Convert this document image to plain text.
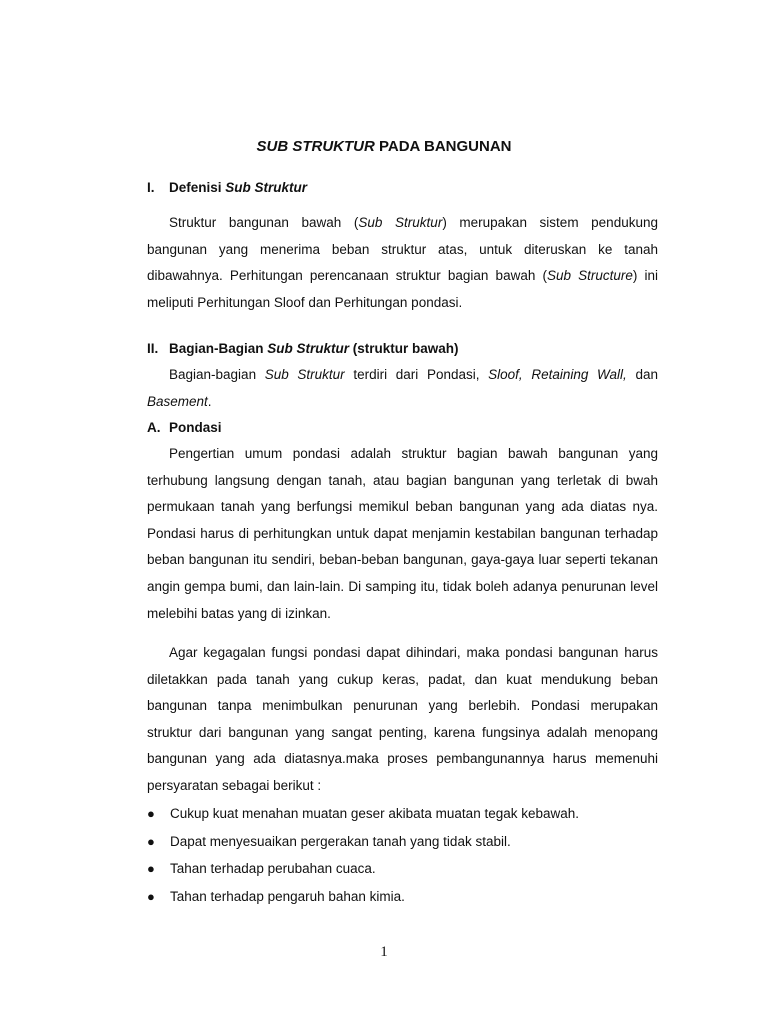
SUB STRUKTUR PADA BANGUNAN
I. Defenisi Sub Struktur

Struktur bangunan bawah (Sub Struktur) merupakan sistem pendukung bangunan yang menerima beban struktur atas, untuk diteruskan ke tanah dibawahnya. Perhitungan perencanaan struktur bagian bawah (Sub Structure) ini meliputi Perhitungan Sloof dan Perhitungan pondasi.

II. Bagian-Bagian Sub Struktur (struktur bawah)

Bagian-bagian Sub Struktur terdiri dari Pondasi, Sloof, Retaining Wall, dan Basement.

A. Pondasi

Pengertian umum pondasi adalah struktur bagian bawah bangunan yang terhubung langsung dengan tanah, atau bagian bangunan yang terletak di bwah permukaan tanah yang berfungsi memikul beban bangunan yang ada diatas nya. Pondasi harus di perhitungkan untuk dapat menjamin kestabilan bangunan terhadap beban bangunan itu sendiri, beban-beban bangunan, gaya-gaya luar seperti tekanan angin gempa bumi, dan lain-lain. Di samping itu, tidak boleh adanya penurunan level melebihi batas yang di izinkan.

Agar kegagalan fungsi pondasi dapat dihindari, maka pondasi bangunan harus diletakkan pada tanah yang cukup keras, padat, dan kuat mendukung beban bangunan tanpa menimbulkan penurunan yang berlebih. Pondasi merupakan struktur dari bangunan yang sangat penting, karena fungsinya adalah menopang bangunan yang ada diatasnya.maka proses pembangunannya harus memenuhi persyaratan sebagai berikut :

● Cukup kuat menahan muatan geser akibata muatan tegak kebawah.
● Dapat menyesuaikan pergerakan tanah yang tidak stabil.
● Tahan terhadap perubahan cuaca.
● Tahan terhadap pengaruh bahan kimia.
1
